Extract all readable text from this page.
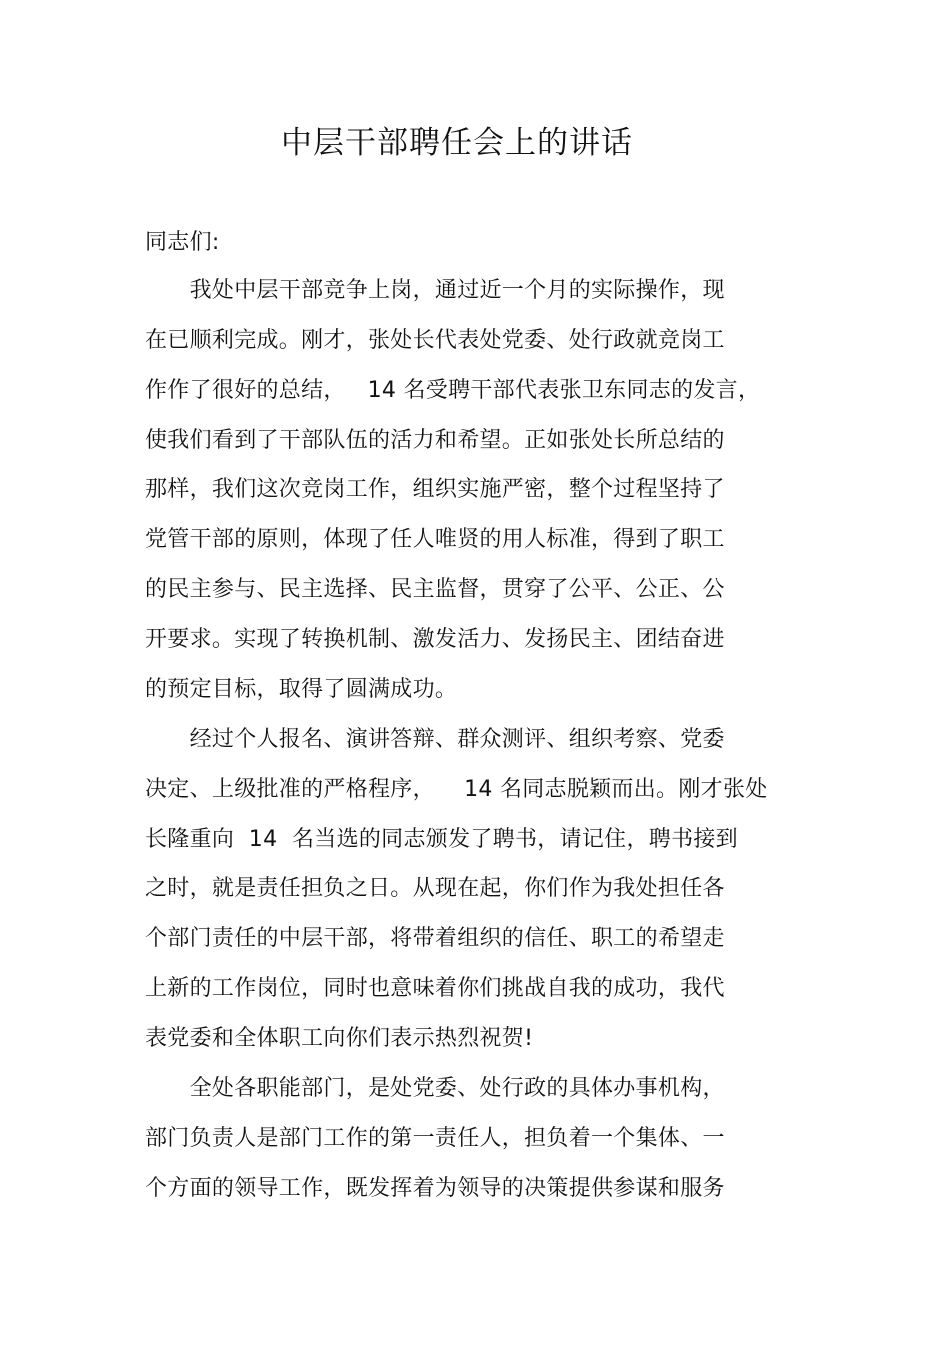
中层干部聘任会上的讲话
同志们:
　　我处中层干部竞争上岗，通过近一个月的实际操作，现
在已顺利完成。刚才，张处长代表处党委、处行政就竞岗工
作作了很好的总结，   14 名受聘干部代表张卫东同志的发言，
使我们看到了干部队伍的活力和希望。正如张处长所总结的
那样，我们这次竞岗工作，组织实施严密，整个过程坚持了
党管干部的原则，体现了任人唯贤的用人标准，得到了职工
的民主参与、民主选择、民主监督，贯穿了公平、公正、公
开要求。实现了转换机制、激发活力、发扬民主、团结奋进
的预定目标，取得了圆满成功。
　　经过个人报名、演讲答辩、群众测评、组织考察、党委
决定、上级批准的严格程序，    14 名同志脱颖而出。刚才张处
长隆重向  14  名当选的同志颁发了聘书，请记住，聘书接到
之时，就是责任担负之日。从现在起，你们作为我处担任各
个部门责任的中层干部，将带着组织的信任、职工的希望走
上新的工作岗位，同时也意味着你们挑战自我的成功，我代
表党委和全体职工向你们表示热烈祝贺!
　　全处各职能部门，是处党委、处行政的具体办事机构，
部门负责人是部门工作的第一责任人，担负着一个集体、一
个方面的领导工作，既发挥着为领导的决策提供参谋和服务
